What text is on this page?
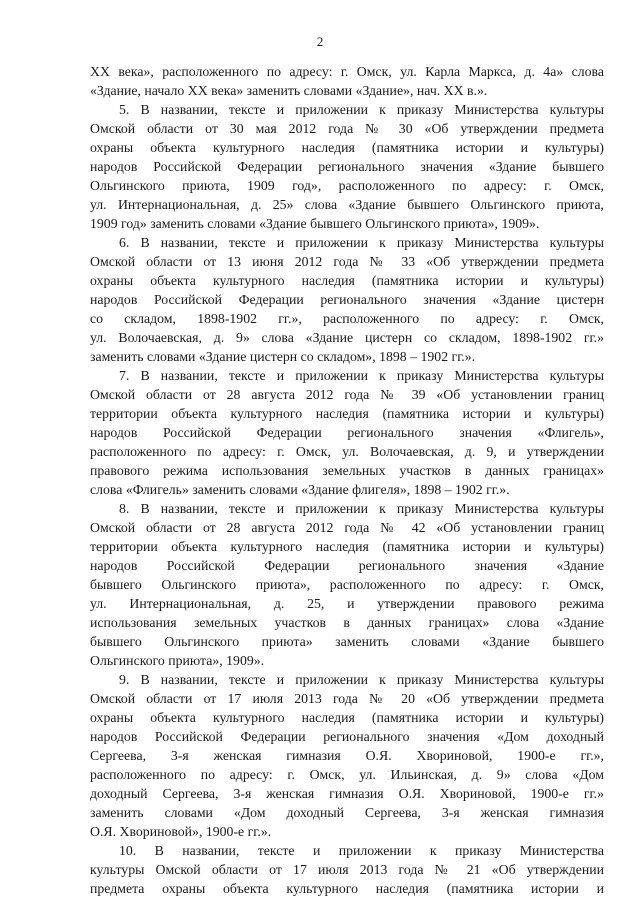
2
XX века», расположенного по адресу: г. Омск, ул. Карла Маркса, д. 4а» слова
«Здание, начало XX века» заменить словами «Здание», нач. XX в.».
5. В названии, тексте и приложении к приказу Министерства культуры
Омской области от 30 мая 2012 года № 30 «Об утверждении предмета
охраны объекта культурного наследия (памятника истории и культуры)
народов Российской Федерации регионального значения «Здание бывшего
Ольгинского приюта, 1909 год», расположенного по адресу: г. Омск,
ул. Интернациональная, д. 25» слова «Здание бывшего Ольгинского приюта,
1909 год» заменить словами «Здание бывшего Ольгинского приюта», 1909».
6. В названии, тексте и приложении к приказу Министерства культуры
Омской области от 13 июня 2012 года № 33 «Об утверждении предмета
охраны объекта культурного наследия (памятника истории и культуры)
народов Российской Федерации регионального значения «Здание цистерн
со складом, 1898-1902 гг.», расположенного по адресу: г. Омск,
ул. Волочаевская, д. 9» слова «Здание цистерн со складом, 1898-1902 гг.»
заменить словами «Здание цистерн со складом», 1898 – 1902 гг.».
7. В названии, тексте и приложении к приказу Министерства культуры
Омской области от 28 августа 2012 года № 39 «Об установлении границ
территории объекта культурного наследия (памятника истории и культуры)
народов Российской Федерации регионального значения «Флигель»,
расположенного по адресу: г. Омск, ул. Волочаевская, д. 9, и утверждении
правового режима использования земельных участков в данных границах»
слова «Флигель» заменить словами «Здание флигеля», 1898 – 1902 гг.».
8. В названии, тексте и приложении к приказу Министерства культуры
Омской области от 28 августа 2012 года № 42 «Об установлении границ
территории объекта культурного наследия (памятника истории и культуры)
народов Российской Федерации регионального значения «Здание
бывшего Ольгинского приюта», расположенного по адресу: г. Омск,
ул. Интернациональная, д. 25, и утверждении правового режима
использования земельных участков в данных границах» слова «Здание
бывшего Ольгинского приюта» заменить словами «Здание бывшего
Ольгинского приюта», 1909».
9. В названии, тексте и приложении к приказу Министерства культуры
Омской области от 17 июля 2013 года № 20 «Об утверждении предмета
охраны объекта культурного наследия (памятника истории и культуры)
народов Российской Федерации регионального значения «Дом доходный
Сергеева, 3-я женская гимназия О.Я. Хвориновой, 1900-е гг.»,
расположенного по адресу: г. Омск, ул. Ильинская, д. 9» слова «Дом
доходный Сергеева, 3-я женская гимназия О.Я. Хвориновой, 1900-е гг.»
заменить словами «Дом доходный Сергеева, 3-я женская гимназия
О.Я. Хвориновой», 1900-е гг.».
10. В названии, тексте и приложении к приказу Министерства
культуры Омской области от 17 июля 2013 года № 21 «Об утверждении
предмета охраны объекта культурного наследия (памятника истории и
